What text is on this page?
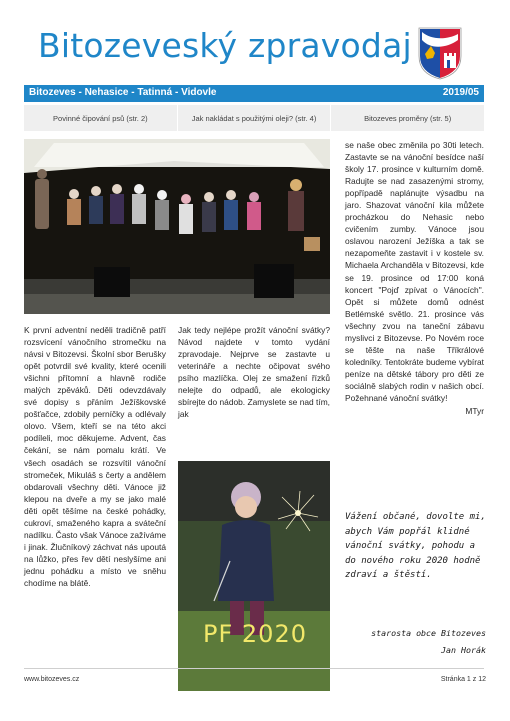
Bitozeveský zpravodaj
Bitozeves - Nehasice - Tatinná - Vidovle	2019/05
Povinné čipování psů (str. 2)	Jak nakládat s použitými oleji? (str. 4)	Bitozeves proměny (str. 5)
PF 2020
K první adventní neděli tradičně patří rozsvícení vánočního stromečku na návsi v Bitozevsi. Školní sbor Berušky opět potvrdil své kvality, které ocenili všichni přítomní a hlavně rodiče malých zpěváků. Děti odevzdávaly své dopisy s přáním Ježíškovské pošťačce, zdobily perníčky a odlévaly olovo. Všem, kteří se na této akci podíleli, moc děkujeme. Advent, čas čekání, se nám pomalu krátí. Ve všech osadách se rozsvítil vánoční stromeček, Mikuláš s čerty a andělem obdarovali všechny děti. Vánoce již klepou na dveře a my se jako malé děti opět těšíme na české pohádky, cukroví, smaženého kapra a sváteční nadílku. Často však Vánoce zažíváme i jinak. Žlučníkový záchvat nás upoutá na lůžko, přes řev dětí neslyšíme ani jednu pohádku a místo ve sněhu chodíme na blátě.
Jak tedy nejlépe prožít vánoční svátky? Návod najdete v tomto vydání zpravodaje. Nejprve se zastavte u veterináře a nechte očipovat svého psího mazlíčka. Olej ze smažení řízků nelejte do odpadů, ale ekologicky sbírejte do nádob. Zamyslete se nad tím, jak
se naše obec změnila po 30ti letech. Zastavte se na vánoční besídce naší školy 17. prosince v kulturním domě. Radujte se nad zasazenými stromy, popřípadě naplánujte výsadbu na jaro. Shazovat vánoční kila můžete procházkou do Nehasic nebo cvičením zumby. Vánoce jsou oslavou narození Ježíška a tak se nezapomeňte zastavit i v kostele sv. Michaela Archanděla v Bitozevsi, kde se 19. prosince od 17:00 koná koncert "Pojď zpívat o Vánocích". Opět si můžete domů odnést Betlémské světlo. 21. prosince vás všechny zvou na taneční zábavu myslivci z Bitozevse. Po Novém roce se těšte na naše Tříkrálové koledníky. Tentokráte budeme vybírat peníze na dětské tábory pro děti ze sociálně slabých rodin v našich obcí. Požehnané vánoční svátky!
MTyr
Vážení občané, dovolte mi, abych Vám popřál klidné vánoční svátky, pohodu a do nového roku 2020 hodně zdraví a štěstí.
starosta obce Bitozeves
Jan Horák
www.bitozeves.cz	Stránka 1 z 12
